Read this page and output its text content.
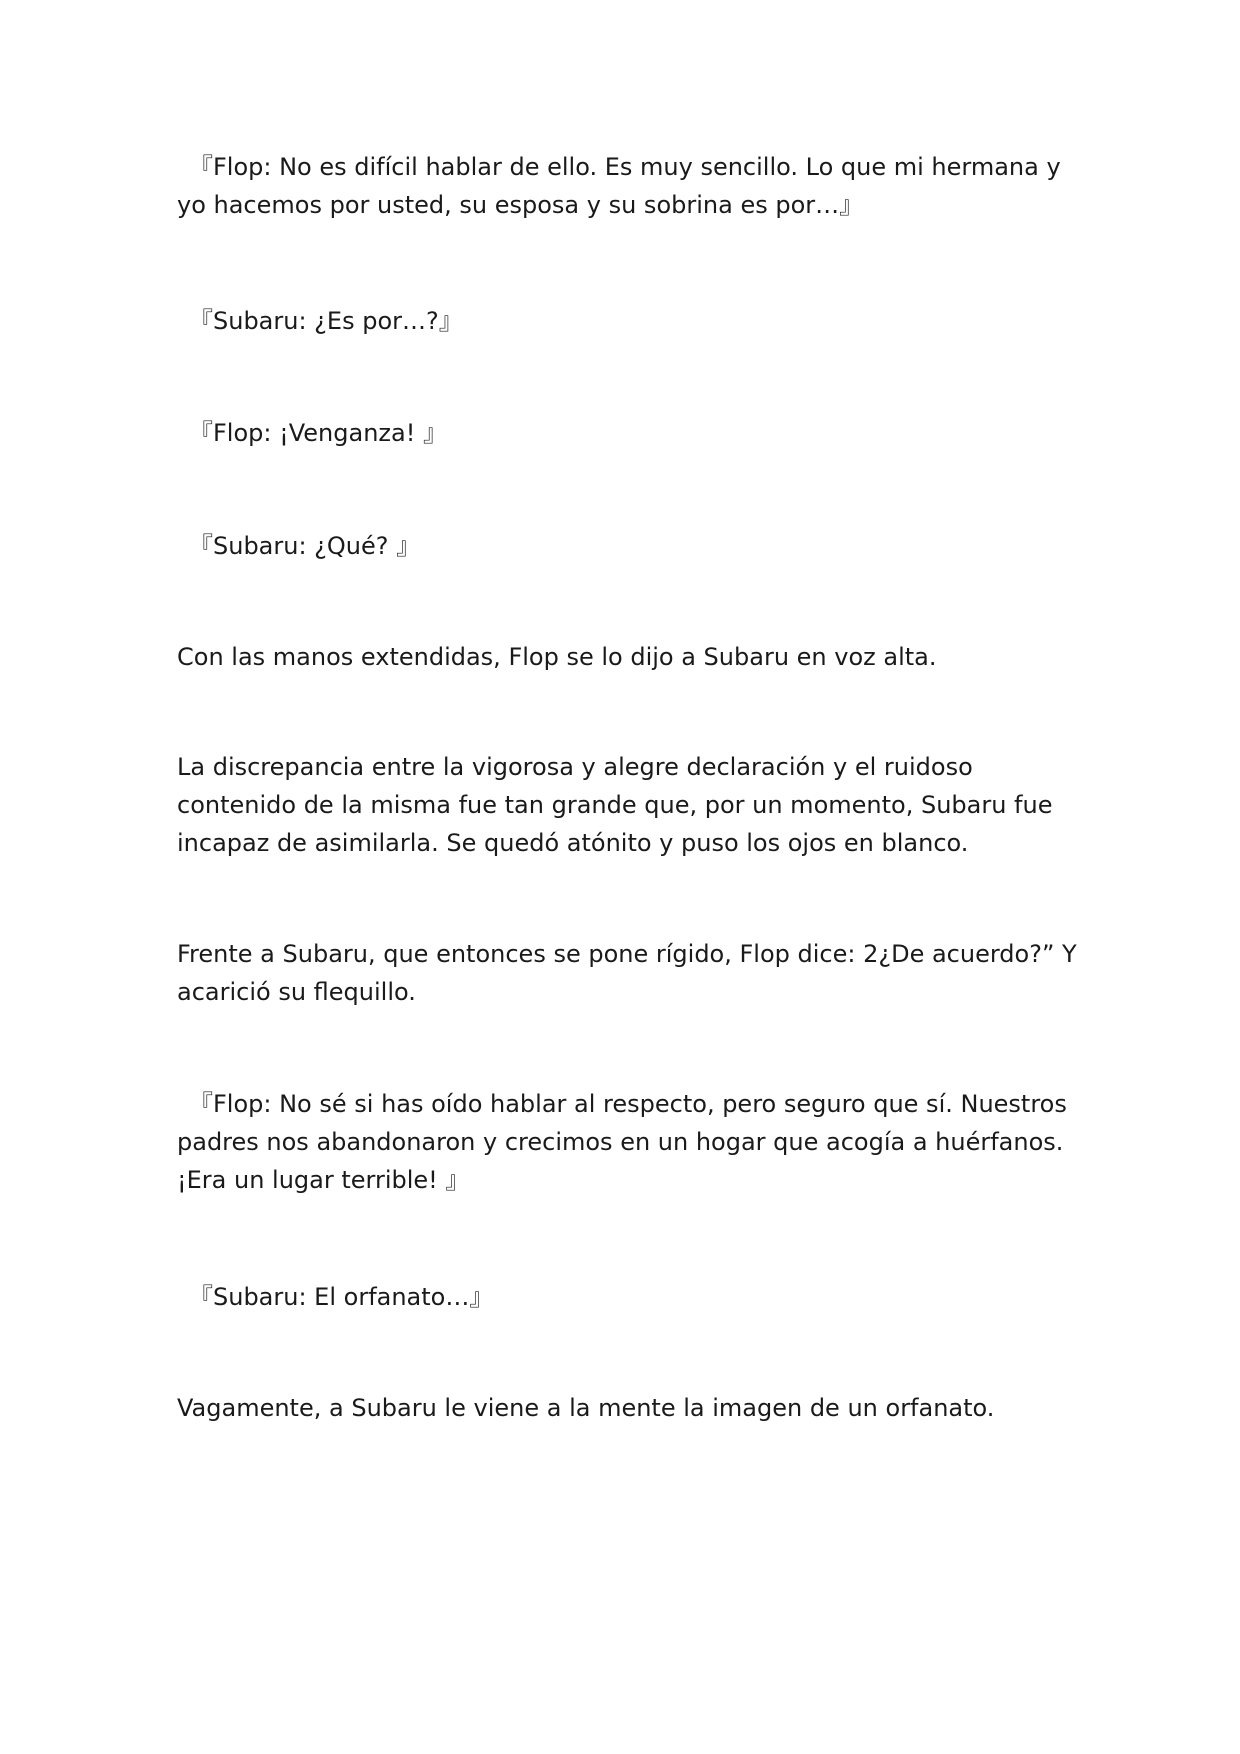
『Flop: No es difícil hablar de ello. Es muy sencillo. Lo que mi hermana y yo hacemos por usted, su esposa y su sobrina es por…』

『Subaru: ¿Es por…?』

『Flop: ¡Venganza! 』

『Subaru: ¿Qué? 』

Con las manos extendidas, Flop se lo dijo a Subaru en voz alta.

La discrepancia entre la vigorosa y alegre declaración y el ruidoso contenido de la misma fue tan grande que, por un momento, Subaru fue incapaz de asimilarla. Se quedó atónito y puso los ojos en blanco.

Frente a Subaru, que entonces se pone rígido, Flop dice: 2¿De acuerdo?” Y acarició su flequillo.

『Flop: No sé si has oído hablar al respecto, pero seguro que sí. Nuestros padres nos abandonaron y crecimos en un hogar que acogía a huérfanos. ¡Era un lugar terrible! 』

『Subaru: El orfanato…』

Vagamente, a Subaru le viene a la mente la imagen de un orfanato.
